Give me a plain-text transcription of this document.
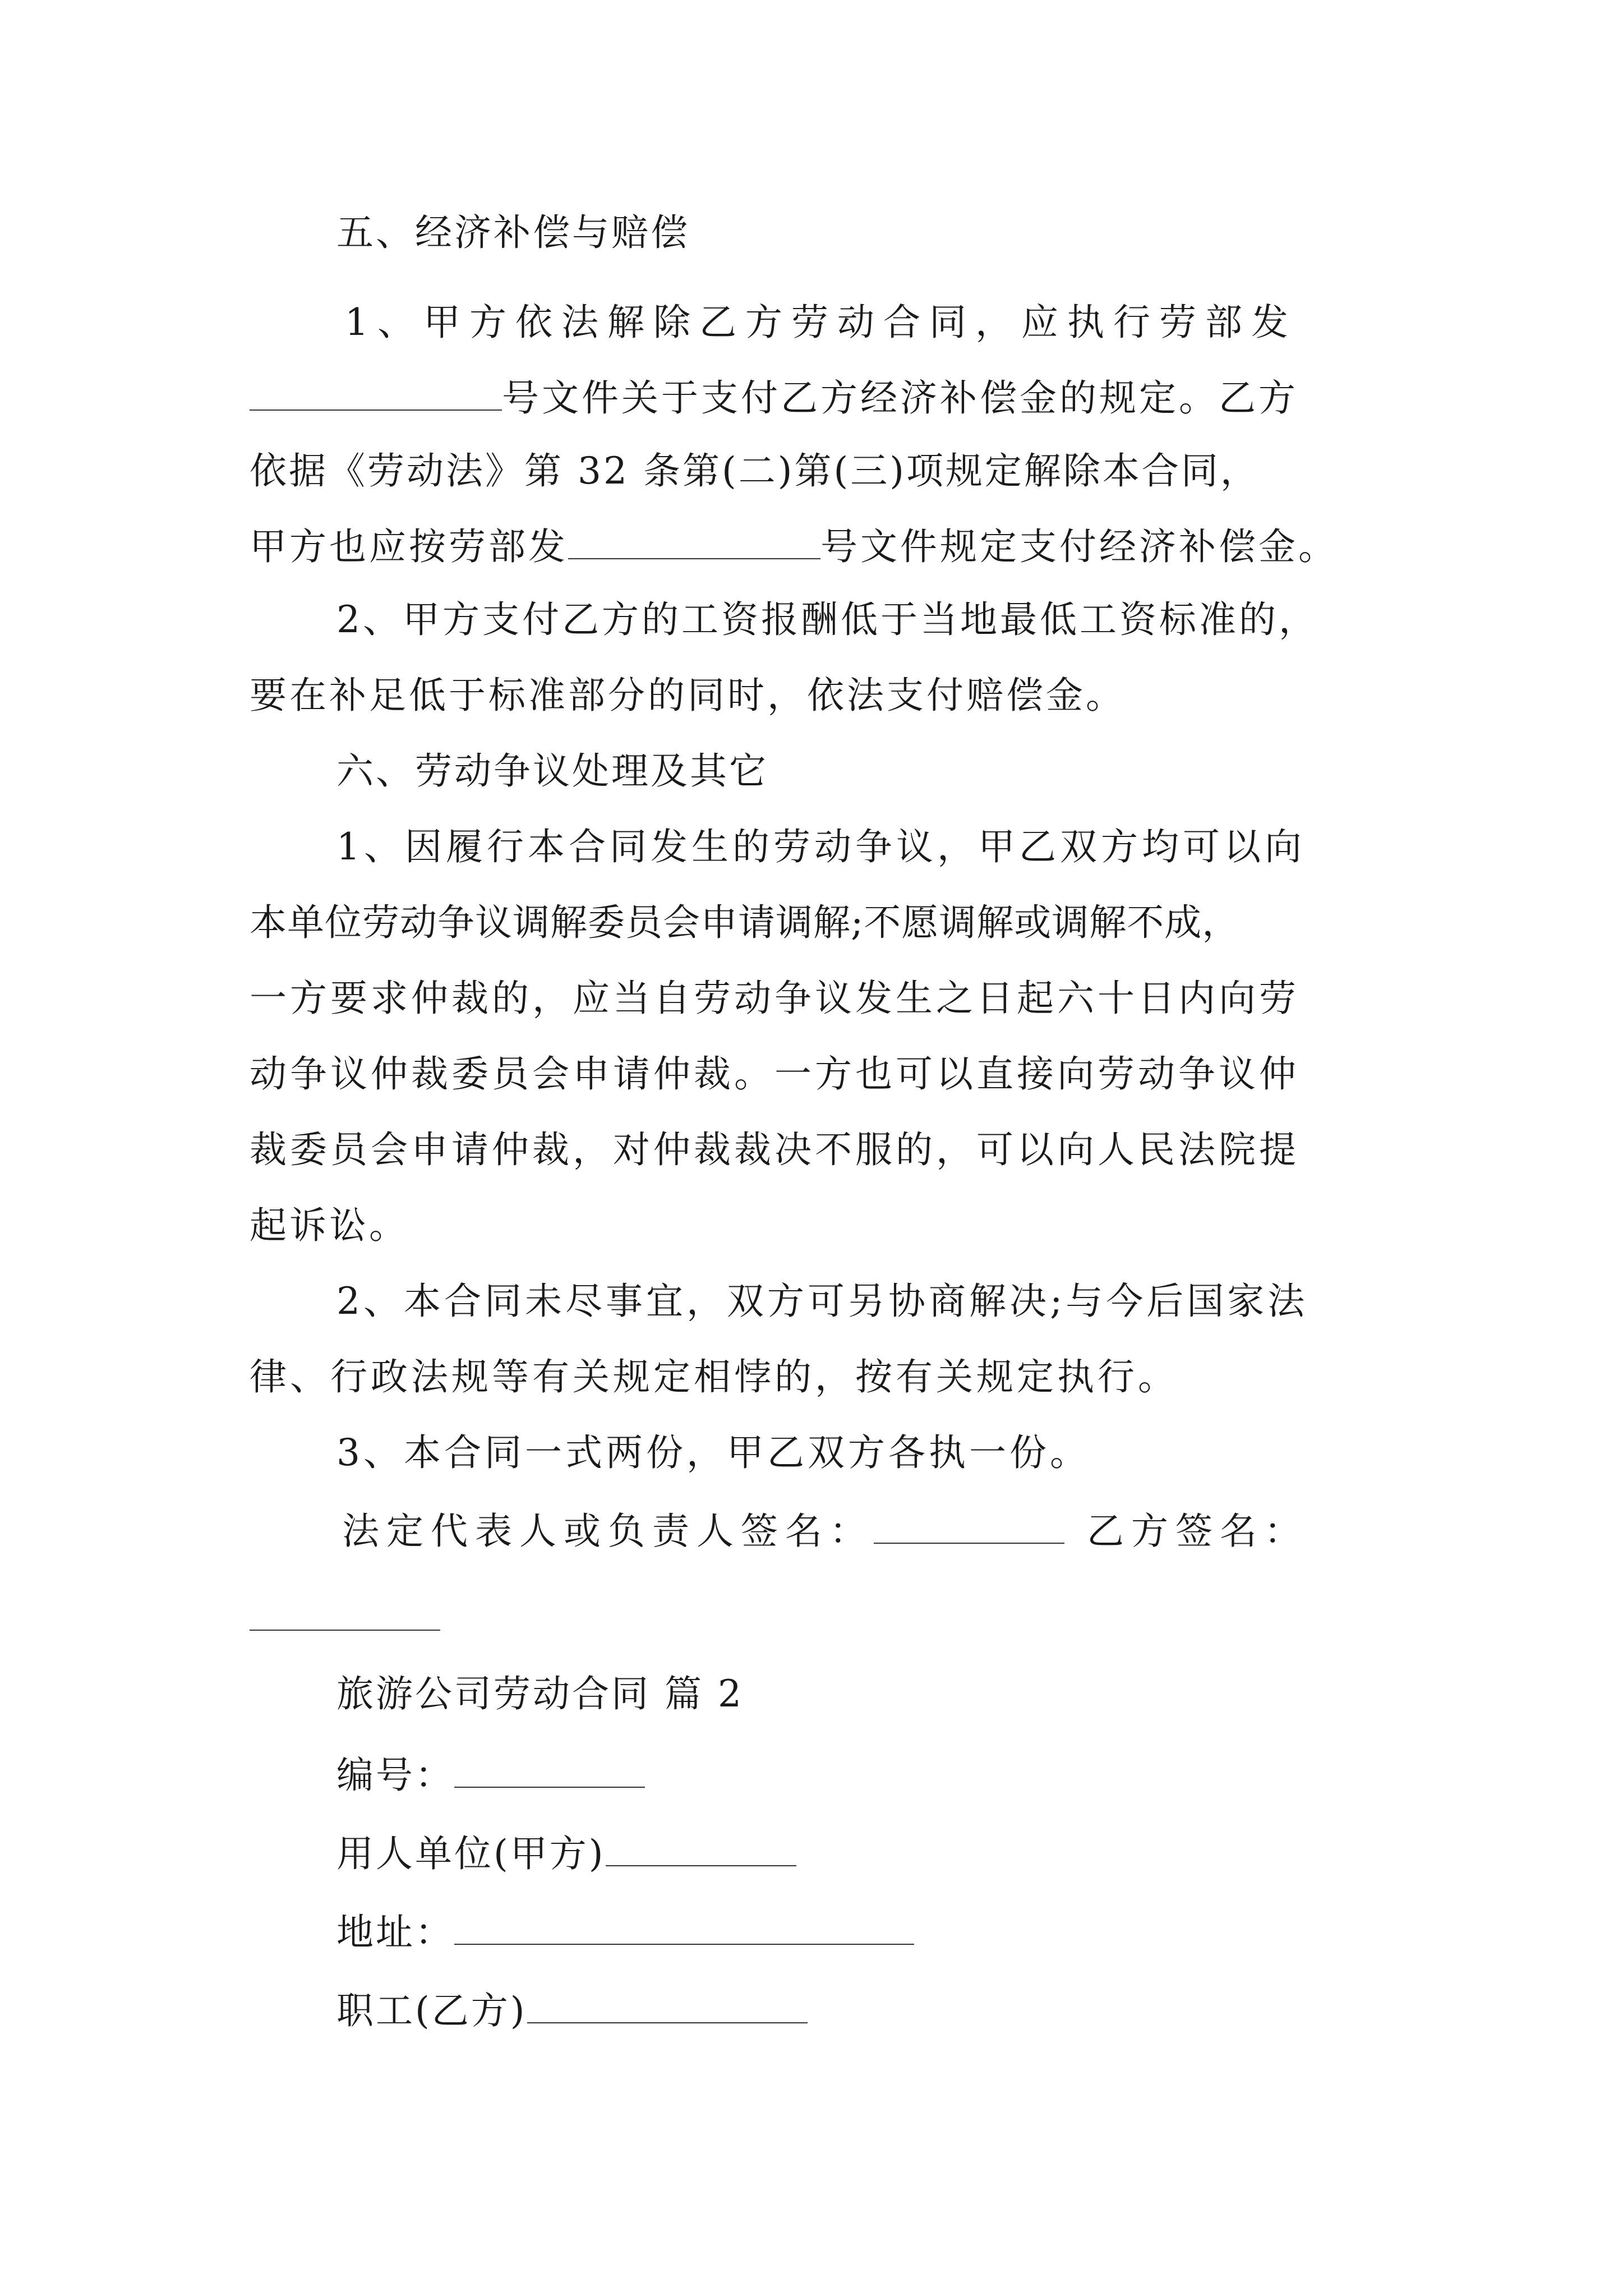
五、经济补偿与赔偿
1、甲方依法解除乙方劳动合同，应执行劳部发
号文件关于支付乙方经济补偿金的规定。乙方
依据《劳动法》第 32 条第(二)第(三)项规定解除本合同，
甲方也应按劳部发	号文件规定支付经济补偿金。
2、甲方支付乙方的工资报酬低于当地最低工资标准的，
要在补足低于标准部分的同时，依法支付赔偿金。
六、劳动争议处理及其它
1、因履行本合同发生的劳动争议，甲乙双方均可以向
本单位劳动争议调解委员会申请调解;不愿调解或调解不成，
一方要求仲裁的，应当自劳动争议发生之日起六十日内向劳
动争议仲裁委员会申请仲裁。一方也可以直接向劳动争议仲
裁委员会申请仲裁，对仲裁裁决不服的，可以向人民法院提
起诉讼。
2、本合同未尽事宜，双方可另协商解决;与今后国家法
律、行政法规等有关规定相悖的，按有关规定执行。
3、本合同一式两份，甲乙双方各执一份。
法定代表人或负责人签名：	乙方签名：
旅游公司劳动合同 篇 2
编号：
用人单位(甲方)
地址：
职工(乙方)
